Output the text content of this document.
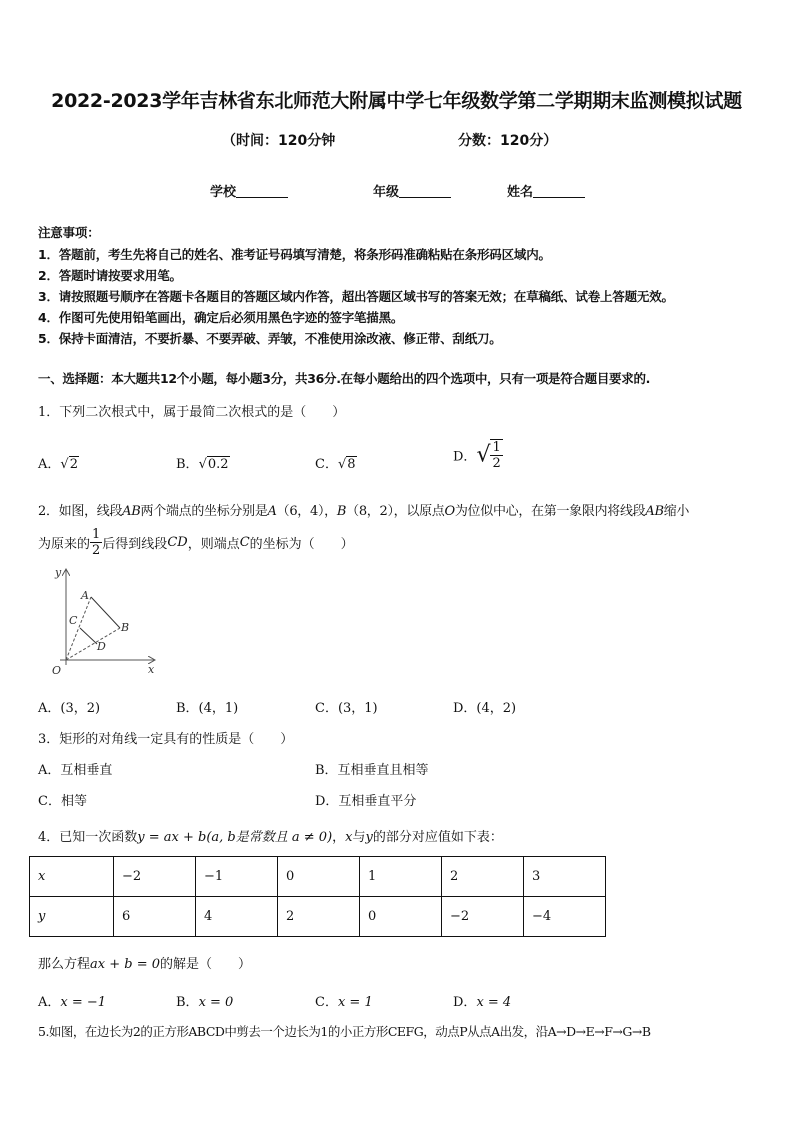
2022-2023学年吉林省东北师范大附属中学七年级数学第二学期期末监测模拟试题
（时间：120分钟	分数：120分）
学校	年级	姓名
注意事项：
1．答题前，考生先将自己的姓名、准考证号码填写清楚，将条形码准确粘贴在条形码区域内。
2．答题时请按要求用笔。
3．请按照题号顺序在答题卡各题目的答题区域内作答，超出答题区域书写的答案无效；在草稿纸、试卷上答题无效。
4．作图可先使用铅笔画出，确定后必须用黑色字迹的签字笔描黑。
5．保持卡面清洁，不要折暴、不要弄破、弄皱，不准使用涂改液、修正带、刮纸刀。
一、选择题：本大题共12个小题，每小题3分，共36分.在每小题给出的四个选项中，只有一项是符合题目要求的.
1．下列二次根式中，属于最简二次根式的是（　　）
A．√2	B．√0.2	C．√8	D．√ $\frac{1}{2}$
2．如图，线段AB两个端点的坐标分别是A（6，4），B（8，2），以原点O为位似中心，在第一象限内将线段AB缩小
为原来的 $\frac{1}{2}$ 后得到线段CD，则端点C的坐标为（　　）
y
x
O
A
B
C
D
A．(3，2)	B．(4，1)	C．(3，1)	D．(4，2)
3．矩形的对角线一定具有的性质是（　　）
A．互相垂直	B．互相垂直且相等
C．相等	D．互相垂直平分
4．已知一次函数y = ax + b(a, b是常数且 a ≠ 0)，x与y的部分对应值如下表：
x	−2	−1	0	1	2	3
y	6	4	2	0	−2	−4
那么方程ax + b = 0的解是（　　）
A．x = −1	B．x = 0	C．x = 1	D．x = 4
5.如图，在边长为2的正方形ABCD中剪去一个边长为1的小正方形CEFG，动点P从点A出发，沿A→D→E→F→G→B
